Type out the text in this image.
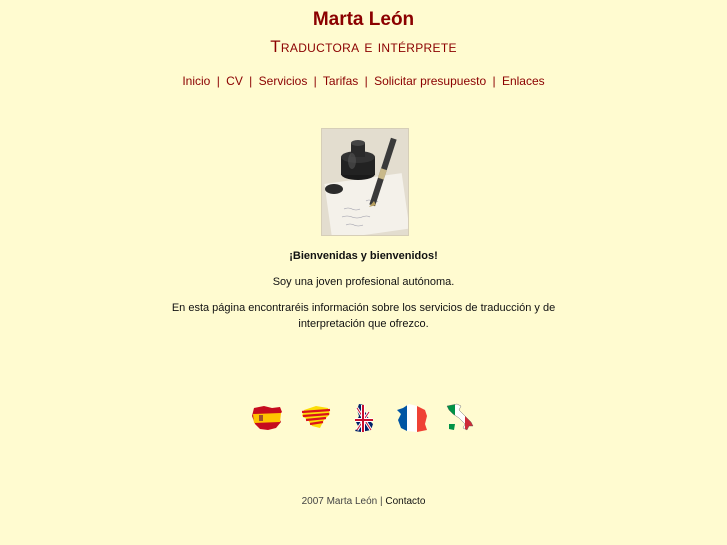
Marta León
Traductora e intérprete
Inicio | CV | Servicios | Tarifas | Solicitar presupuesto | Enlaces

¡Bienvenidas y bienvenidos!

Soy una joven profesional autónoma.

En esta página encontraréis información sobre los servicios de traducción y de interpretación que ofrezco.

2007 Marta León | Contacto
